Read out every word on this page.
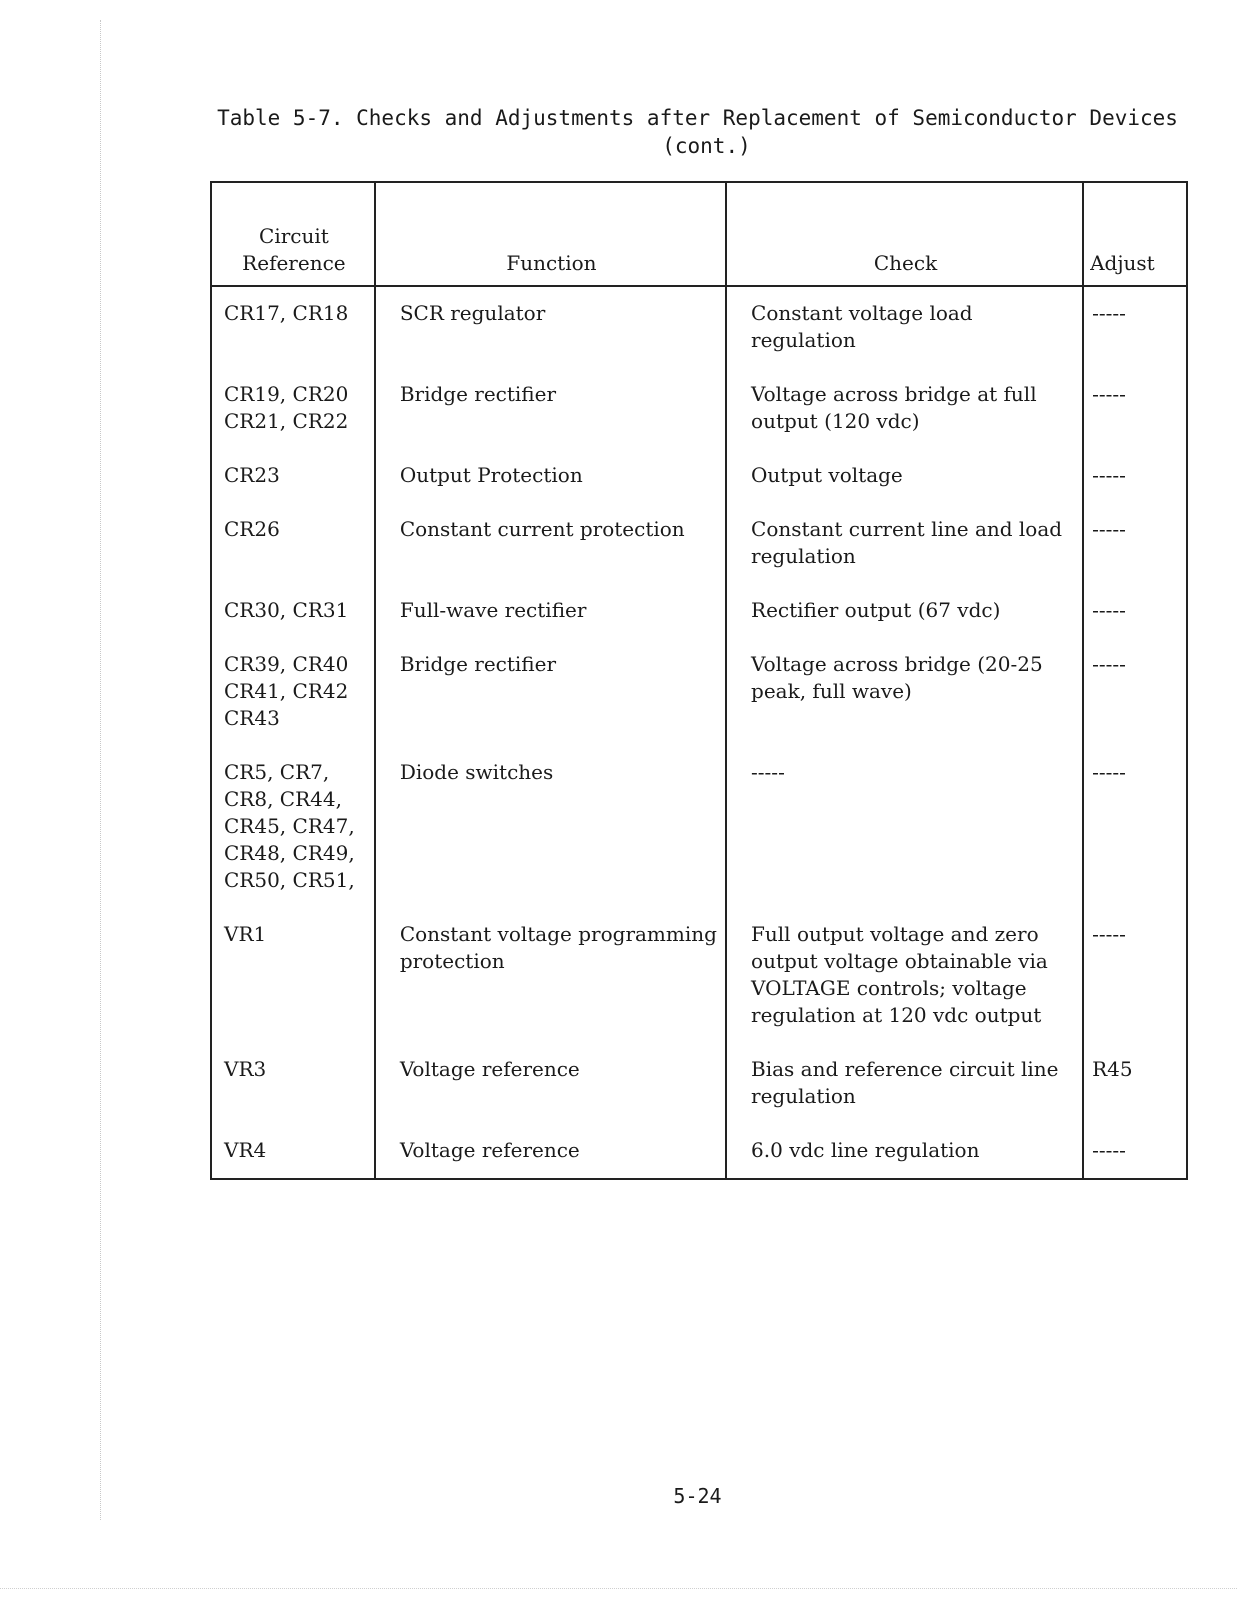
Table 5-7. Checks and Adjustments after Replacement of Semiconductor Devices
(cont.)
Circuit
Reference	Function	Check	Adjust

CR17, CR18	SCR regulator	Constant voltage load regulation	-----

CR19, CR20
CR21, CR22	Bridge rectifier	Voltage across bridge at full output (120 vdc)	-----

CR23	Output Protection	Output voltage	-----

CR26	Constant current protection	Constant current line and load regulation	-----

CR30, CR31	Full-wave rectifier	Rectifier output (67 vdc)	-----

CR39, CR40
CR41, CR42
CR43	Bridge rectifier	Voltage across bridge (20-25 peak, full wave)	-----

CR5, CR7,
CR8, CR44,
CR45, CR47,
CR48, CR49,
CR50, CR51,	Diode switches	-----	-----

VR1	Constant voltage programming protection	Full output voltage and zero output voltage obtainable via VOLTAGE controls; voltage regulation at 120 vdc output	-----

VR3	Voltage reference	Bias and reference circuit line regulation	R45

VR4	Voltage reference	6.0 vdc line regulation	-----
5-24
